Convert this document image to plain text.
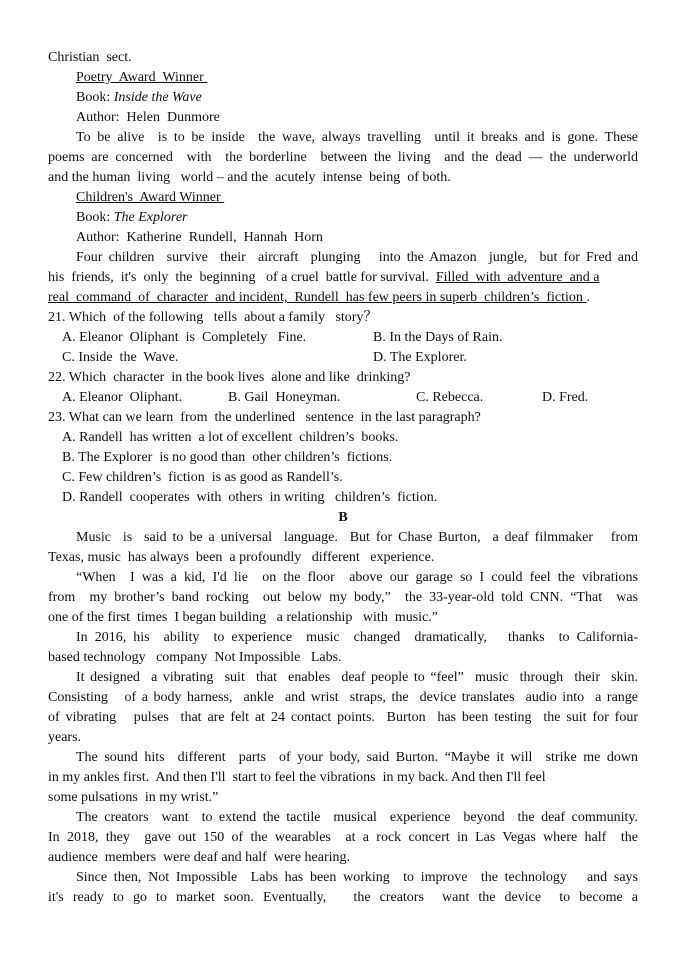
Christian  sect.
Poetry  Award  Winner
Book: Inside the Wave
Author:  Helen  Dunmore
To be alive  is to be inside  the wave, always travelling  until it breaks and is gone. These
poems are concerned  with  the borderline  between the living  and the dead — the underworld
and the human  living   world – and the  acutely  intense  being  of both.
Children's  Award Winner
Book: The Explorer
Author:  Katherine  Rundell,  Hannah  Horn
Four children  survive  their  aircraft  plunging   into the Amazon  jungle,  but for Fred and
his  friends,  it's  only  the  beginning   of a cruel  battle for survival.  Filled  with  adventure  and a
real  command  of  character  and incident,  Rundell  has few peers in superb  children’s  fiction .
21. Which  of the following   tells  about a family   story？
A. Eleanor  Oliphant  is  Completely   Fine.	B. In the Days of Rain.
C. Inside  the  Wave.	D. The Explorer.
22. Which  character  in the book lives  alone and like  drinking?
A. Eleanor  Oliphant.	B. Gail  Honeyman.	C. Rebecca.	D. Fred.
23. What can we learn  from  the underlined   sentence  in the last paragraph?
A. Randell  has written  a lot of excellent  children’s  books.
B. The Explorer  is no good than  other children’s  fictions.
C. Few children’s  fiction  is as good as Randell’s.
D. Randell  cooperates  with  others  in writing   children’s  fiction.
B
Music  is  said to be a universal  language.  But for Chase Burton,  a deaf filmmaker   from
Texas, music  has always  been  a profoundly   different   experience.
“When  I was a kid, I'd lie  on the floor  above our garage so I could feel the vibrations
from  my brother’s band rocking  out below my body,”  the 33-year-old told CNN. “That  was
one of the first  times  I began building   a relationship   with  music.”
In 2016, his  ability  to experience  music  changed  dramatically,   thanks  to California-
based technology   company  Not Impossible   Labs.
It designed  a vibrating  suit  that  enables  deaf people to “feel”  music  through  their  skin.
Consisting   of a body harness,  ankle  and wrist  straps, the  device translates  audio into  a range
of vibrating   pulses  that are felt at 24 contact points.  Burton  has been testing  the suit for four
years.
The sound hits  different  parts  of your body, said Burton. “Maybe it will  strike me down
in my ankles first.  And then I'll  start to feel the vibrations  in my back. And then I'll feel
some pulsations  in my wrist.”
The creators  want  to extend the tactile  musical  experience  beyond  the deaf community.
In 2018, they  gave out 150 of the wearables  at a rock concert in Las Vegas where half  the
audience  members  were deaf and half  were hearing.
Since then, Not Impossible  Labs has been working  to improve  the technology   and says
it's ready to go to market soon. Eventually,   the creators  want the device  to become a
